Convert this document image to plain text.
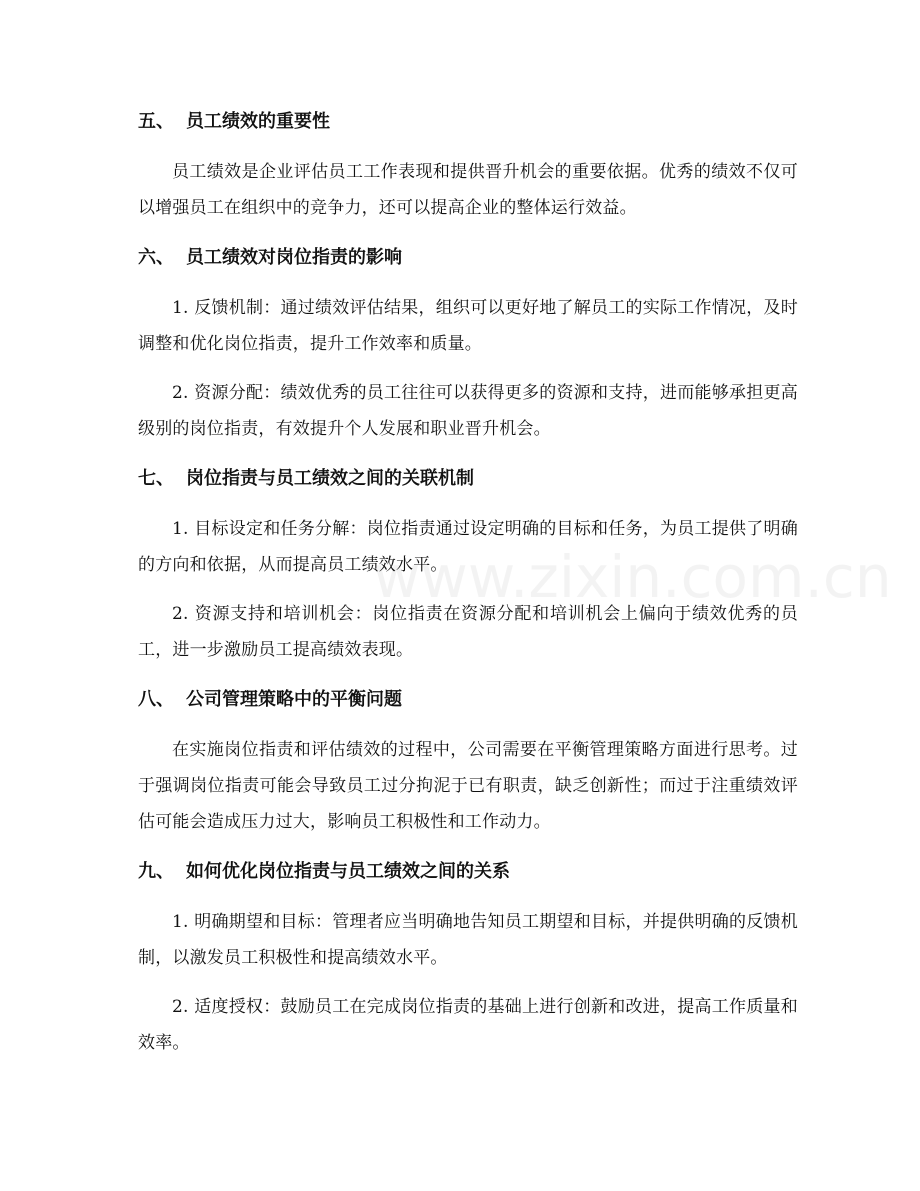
www.zixin.com.cn
五、 员工绩效的重要性

员工绩效是企业评估员工工作表现和提供晋升机会的重要依据。优秀的绩效不仅可以增强员工在组织中的竞争力，还可以提高企业的整体运行效益。

六、 员工绩效对岗位指责的影响

1. 反馈机制：通过绩效评估结果，组织可以更好地了解员工的实际工作情况，及时调整和优化岗位指责，提升工作效率和质量。

2. 资源分配：绩效优秀的员工往往可以获得更多的资源和支持，进而能够承担更高级别的岗位指责，有效提升个人发展和职业晋升机会。

七、 岗位指责与员工绩效之间的关联机制

1. 目标设定和任务分解：岗位指责通过设定明确的目标和任务，为员工提供了明确的方向和依据，从而提高员工绩效水平。

2. 资源支持和培训机会：岗位指责在资源分配和培训机会上偏向于绩效优秀的员工，进一步激励员工提高绩效表现。

八、 公司管理策略中的平衡问题

在实施岗位指责和评估绩效的过程中，公司需要在平衡管理策略方面进行思考。过于强调岗位指责可能会导致员工过分拘泥于已有职责，缺乏创新性；而过于注重绩效评估可能会造成压力过大，影响员工积极性和工作动力。

九、 如何优化岗位指责与员工绩效之间的关系

1. 明确期望和目标：管理者应当明确地告知员工期望和目标，并提供明确的反馈机制，以激发员工积极性和提高绩效水平。

2. 适度授权：鼓励员工在完成岗位指责的基础上进行创新和改进，提高工作质量和效率。
